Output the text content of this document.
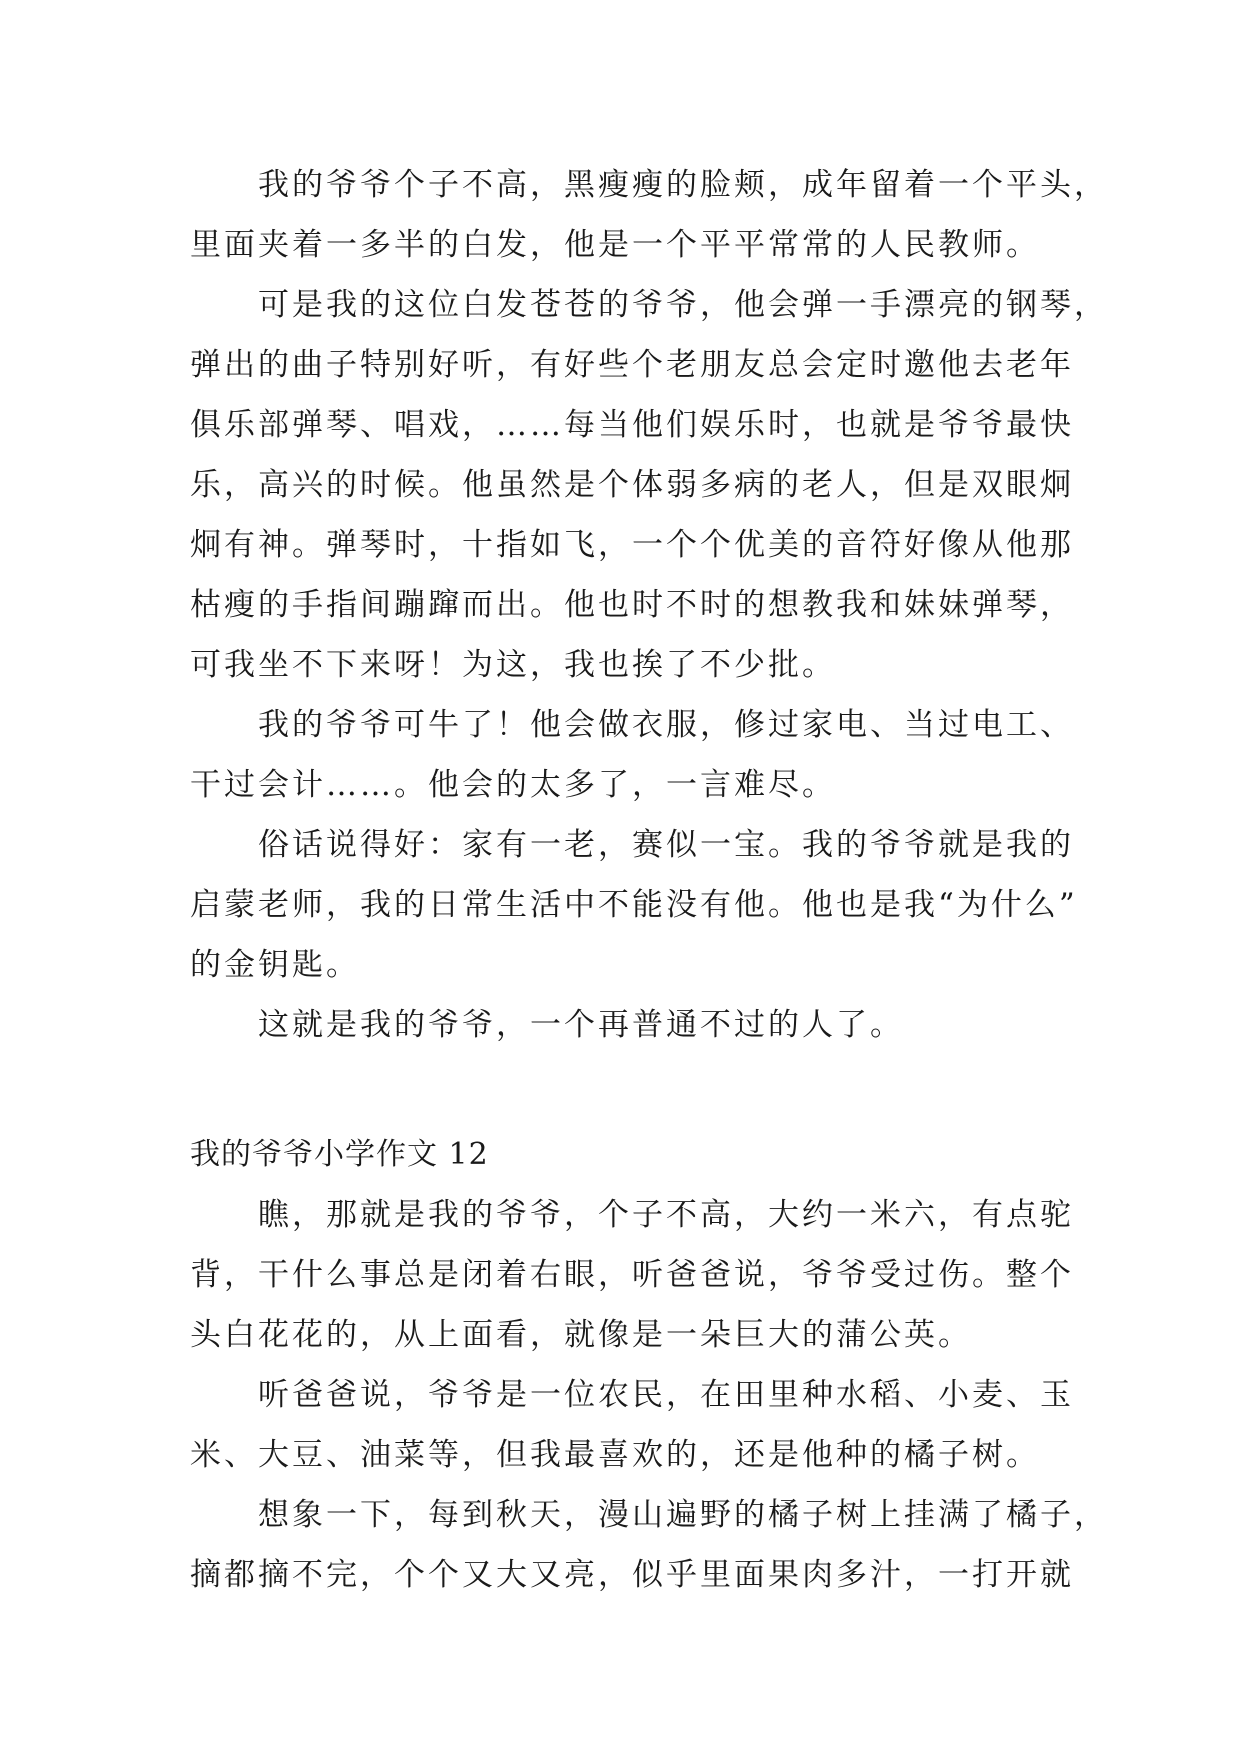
我的爷爷个子不高，黑瘦瘦的脸颊，成年留着一个平头，
里面夹着一多半的白发，他是一个平平常常的人民教师。
可是我的这位白发苍苍的爷爷，他会弹一手漂亮的钢琴，
弹出的曲子特别好听，有好些个老朋友总会定时邀他去老年
俱乐部弹琴、唱戏，……每当他们娱乐时，也就是爷爷最快
乐，高兴的时候。他虽然是个体弱多病的老人，但是双眼炯
炯有神。弹琴时，十指如飞，一个个优美的音符好像从他那
枯瘦的手指间蹦蹿而出。他也时不时的想教我和妹妹弹琴，
可我坐不下来呀！为这，我也挨了不少批。
我的爷爷可牛了！他会做衣服，修过家电、当过电工、
干过会计……。他会的太多了，一言难尽。
俗话说得好：家有一老，赛似一宝。我的爷爷就是我的
启蒙老师，我的日常生活中不能没有他。他也是我“为什么”
的金钥匙。
这就是我的爷爷，一个再普通不过的人了。
我的爷爷小学作文 12
瞧，那就是我的爷爷，个子不高，大约一米六，有点驼
背，干什么事总是闭着右眼，听爸爸说，爷爷受过伤。整个
头白花花的，从上面看，就像是一朵巨大的蒲公英。
听爸爸说，爷爷是一位农民，在田里种水稻、小麦、玉
米、大豆、油菜等，但我最喜欢的，还是他种的橘子树。
想象一下，每到秋天，漫山遍野的橘子树上挂满了橘子，
摘都摘不完，个个又大又亮，似乎里面果肉多汁，一打开就
